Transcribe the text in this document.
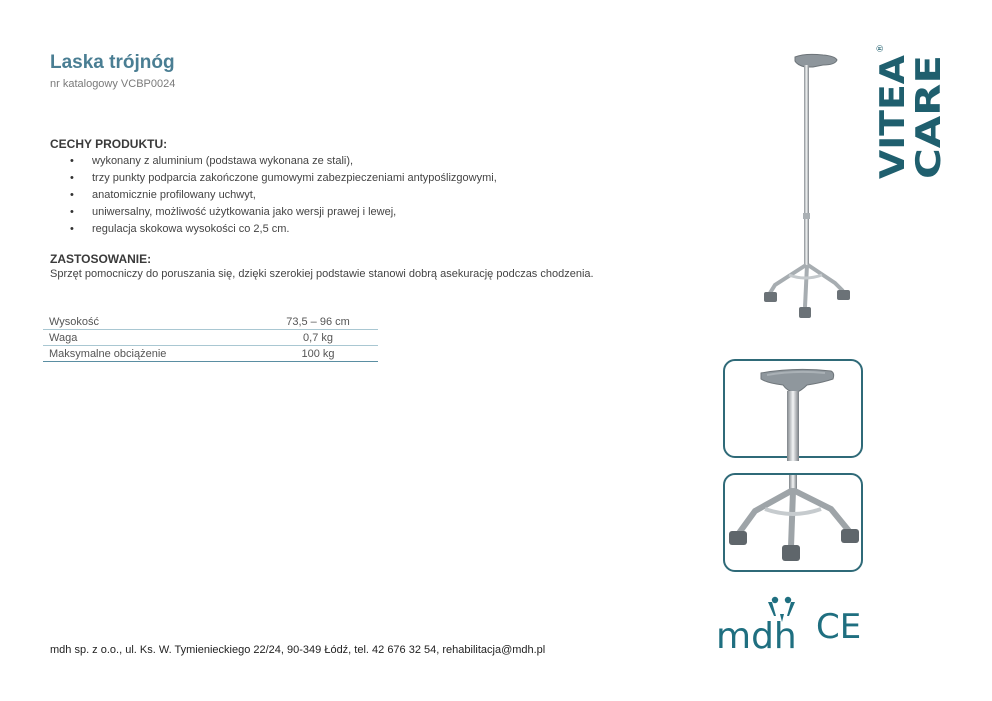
Laska trójnóg
nr katalogowy VCBP0024
CECHY PRODUKTU:
• wykonany z aluminium (podstawa wykonana ze stali),
• trzy punkty podparcia zakończone gumowymi zabezpieczeniami antypoślizgowymi,
• anatomicznie profilowany uchwyt,
• uniwersalny, możliwość użytkowania jako wersji prawej i lewej,
• regulacja skokowa wysokości co 2,5 cm.
ZASTOSOWANIE:
Sprzęt pomocniczy do poruszania się, dzięki szerokiej podstawie stanowi dobrą asekurację podczas chodzenia.
Wysokość	73,5 – 96 cm
Waga	0,7 kg
Maksymalne obciążenie	100 kg
mdh sp. z o.o., ul. Ks. W. Tymienieckiego 22/24, 90-349 Łódź, tel. 42 676 32 54, rehabilitacja@mdh.pl
VITEA
CARE
®
mdh CE
